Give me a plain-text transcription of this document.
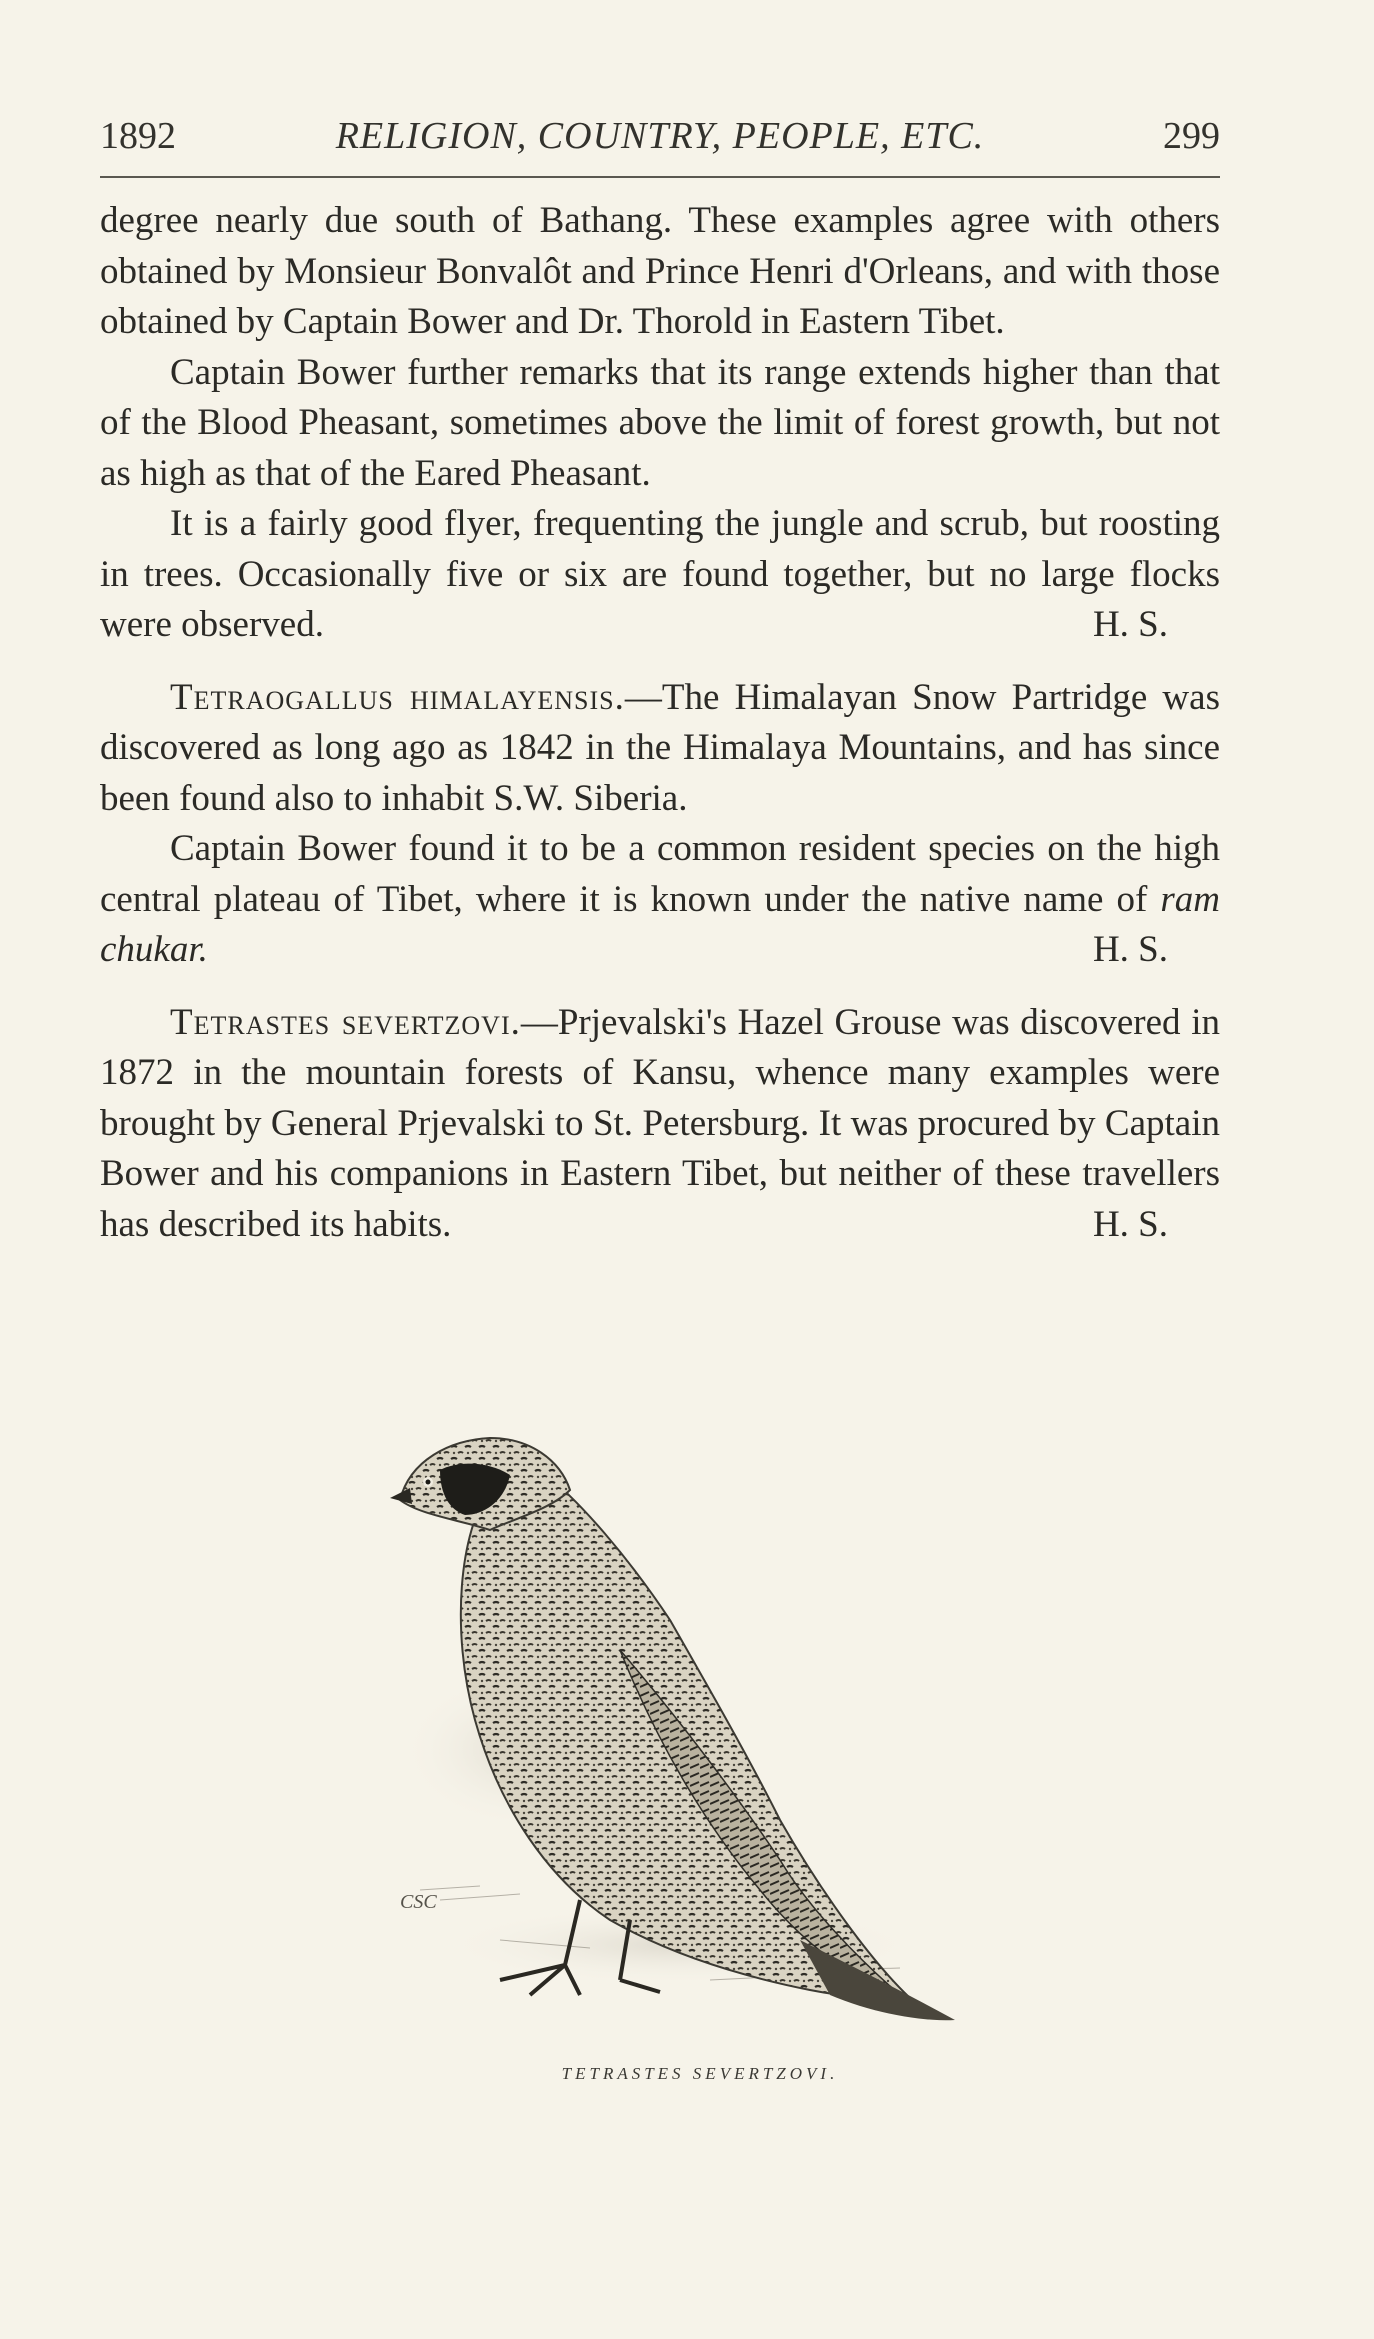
1892	RELIGION, COUNTRY, PEOPLE, ETC.	299

degree nearly due south of Bathang. These examples agree with others obtained by Monsieur Bonvalôt and Prince Henri d'Orleans, and with those obtained by Captain Bower and Dr. Thorold in Eastern Tibet.

Captain Bower further remarks that its range extends higher than that of the Blood Pheasant, sometimes above the limit of forest growth, but not as high as that of the Eared Pheasant.

It is a fairly good flyer, frequenting the jungle and scrub, but roosting in trees. Occasionally five or six are found together, but no large flocks were observed.	H. S.

Tetraogallus himalayensis.—The Himalayan Snow Partridge was discovered as long ago as 1842 in the Himalaya Mountains, and has since been found also to inhabit S.W. Siberia.

Captain Bower found it to be a common resident species on the high central plateau of Tibet, where it is known under the native name of ram chukar.	H. S.

Tetrastes severtzovi.—Prjevalski's Hazel Grouse was discovered in 1872 in the mountain forests of Kansu, whence many examples were brought by General Prjevalski to St. Petersburg. It was procured by Captain Bower and his companions in Eastern Tibet, but neither of these travellers has described its habits.	H. S.

CSC
TETRASTES SEVERTZOVI.
